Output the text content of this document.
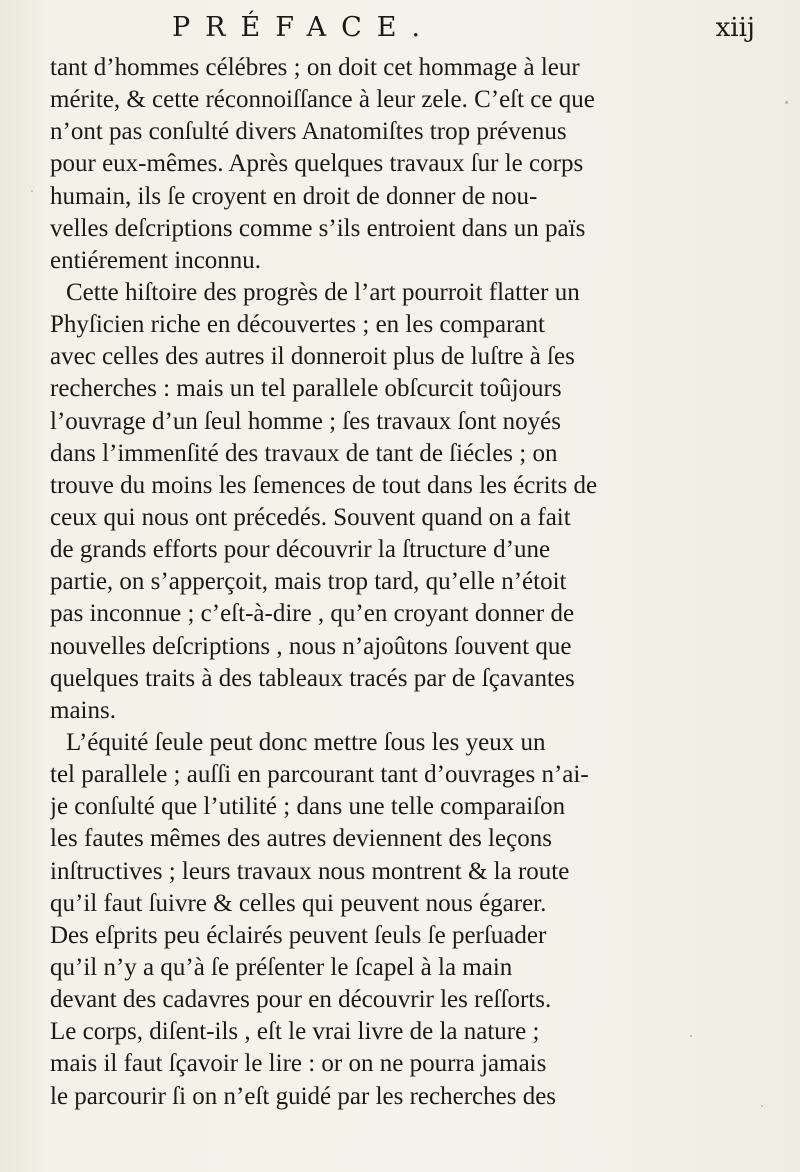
PRÉFACE.	xiij
tant d’hommes célébres ; on doit cet hommage à leur
mérite, & cette réconnoiſſance à leur zele. C’eſt ce que
n’ont pas conſulté divers Anatomiſtes trop prévenus
pour eux-mêmes. Après quelques travaux ſur le corps
humain, ils ſe croyent en droit de donner de nou-
velles deſcriptions comme s’ils entroient dans un païs
entiérement inconnu.
Cette hiſtoire des progrès de l’art pourroit flatter un
Phyſicien riche en découvertes ; en les comparant
avec celles des autres il donneroit plus de luſtre à ſes
recherches : mais un tel parallele obſcurcit toûjours
l’ouvrage d’un ſeul homme ; ſes travaux ſont noyés
dans l’immenſité des travaux de tant de ſiécles ; on
trouve du moins les ſemences de tout dans les écrits de
ceux qui nous ont précedés. Souvent quand on a fait
de grands efforts pour découvrir la ſtructure d’une
partie, on s’apperçoit, mais trop tard, qu’elle n’étoit
pas inconnue ; c’eſt-à-dire , qu’en croyant donner de
nouvelles deſcriptions , nous n’ajoûtons ſouvent que
quelques traits à des tableaux tracés par de ſçavantes
mains.
L’équité ſeule peut donc mettre ſous les yeux un
tel parallele ; auſſi en parcourant tant d’ouvrages n’ai-
je conſulté que l’utilité ; dans une telle comparaiſon
les fautes mêmes des autres deviennent des leçons
inſtructives ; leurs travaux nous montrent & la route
qu’il faut ſuivre & celles qui peuvent nous égarer.
Des eſprits peu éclairés peuvent ſeuls ſe perſuader
qu’il n’y a qu’à ſe préſenter le ſcapel à la main
devant des cadavres pour en découvrir les reſſorts.
Le corps, diſent-ils , eſt le vrai livre de la nature ;
mais il faut ſçavoir le lire : or on ne pourra jamais
le parcourir ſi on n’eſt guidé par les recherches des
